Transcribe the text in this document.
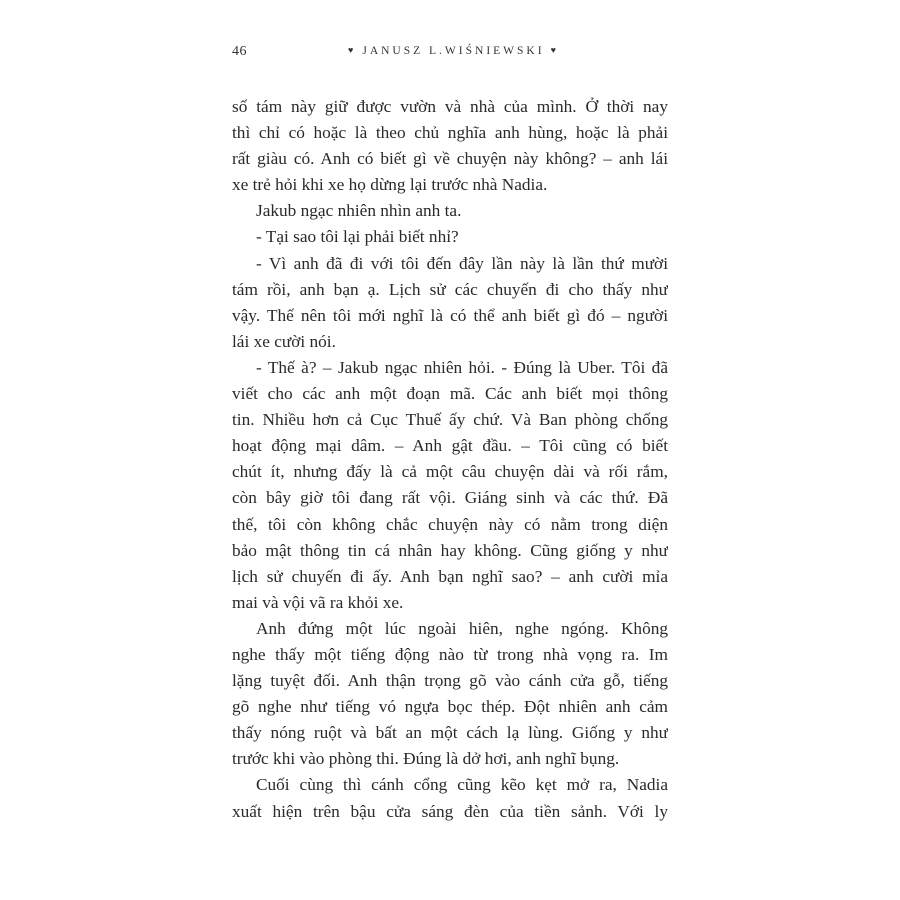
46	♥ JANUSZ L.WIŚNIEWSKI ♥
số tám này giữ được vườn và nhà của mình. Ở thời nay
thì chỉ có hoặc là theo chủ nghĩa anh hùng, hoặc là phải
rất giàu có. Anh có biết gì về chuyện này không? – anh lái
xe trẻ hỏi khi xe họ dừng lại trước nhà Nadia.
Jakub ngạc nhiên nhìn anh ta.
- Tại sao tôi lại phải biết nhỉ?
- Vì anh đã đi với tôi đến đây lần này là lần thứ mười
tám rồi, anh bạn ạ. Lịch sử các chuyến đi cho thấy như
vậy. Thế nên tôi mới nghĩ là có thể anh biết gì đó – người
lái xe cười nói.
- Thế à? – Jakub ngạc nhiên hỏi. - Đúng là Uber. Tôi đã
viết cho các anh một đoạn mã. Các anh biết mọi thông
tin. Nhiều hơn cả Cục Thuế ấy chứ. Và Ban phòng chống
hoạt động mại dâm. – Anh gật đầu. – Tôi cũng có biết
chút ít, nhưng đấy là cả một câu chuyện dài và rối rắm,
còn bây giờ tôi đang rất vội. Giáng sinh và các thứ. Đã
thế, tôi còn không chắc chuyện này có nằm trong diện
bảo mật thông tin cá nhân hay không. Cũng giống y như
lịch sử chuyến đi ấy. Anh bạn nghĩ sao? – anh cười mỉa
mai và vội vã ra khỏi xe.
Anh đứng một lúc ngoài hiên, nghe ngóng. Không
nghe thấy một tiếng động nào từ trong nhà vọng ra. Im
lặng tuyệt đối. Anh thận trọng gõ vào cánh cửa gỗ, tiếng
gõ nghe như tiếng vó ngựa bọc thép. Đột nhiên anh cảm
thấy nóng ruột và bất an một cách lạ lùng. Giống y như
trước khi vào phòng thi. Đúng là dở hơi, anh nghĩ bụng.
Cuối cùng thì cánh cổng cũng kẽo kẹt mở ra, Nadia
xuất hiện trên bậu cửa sáng đèn của tiền sảnh. Với ly
